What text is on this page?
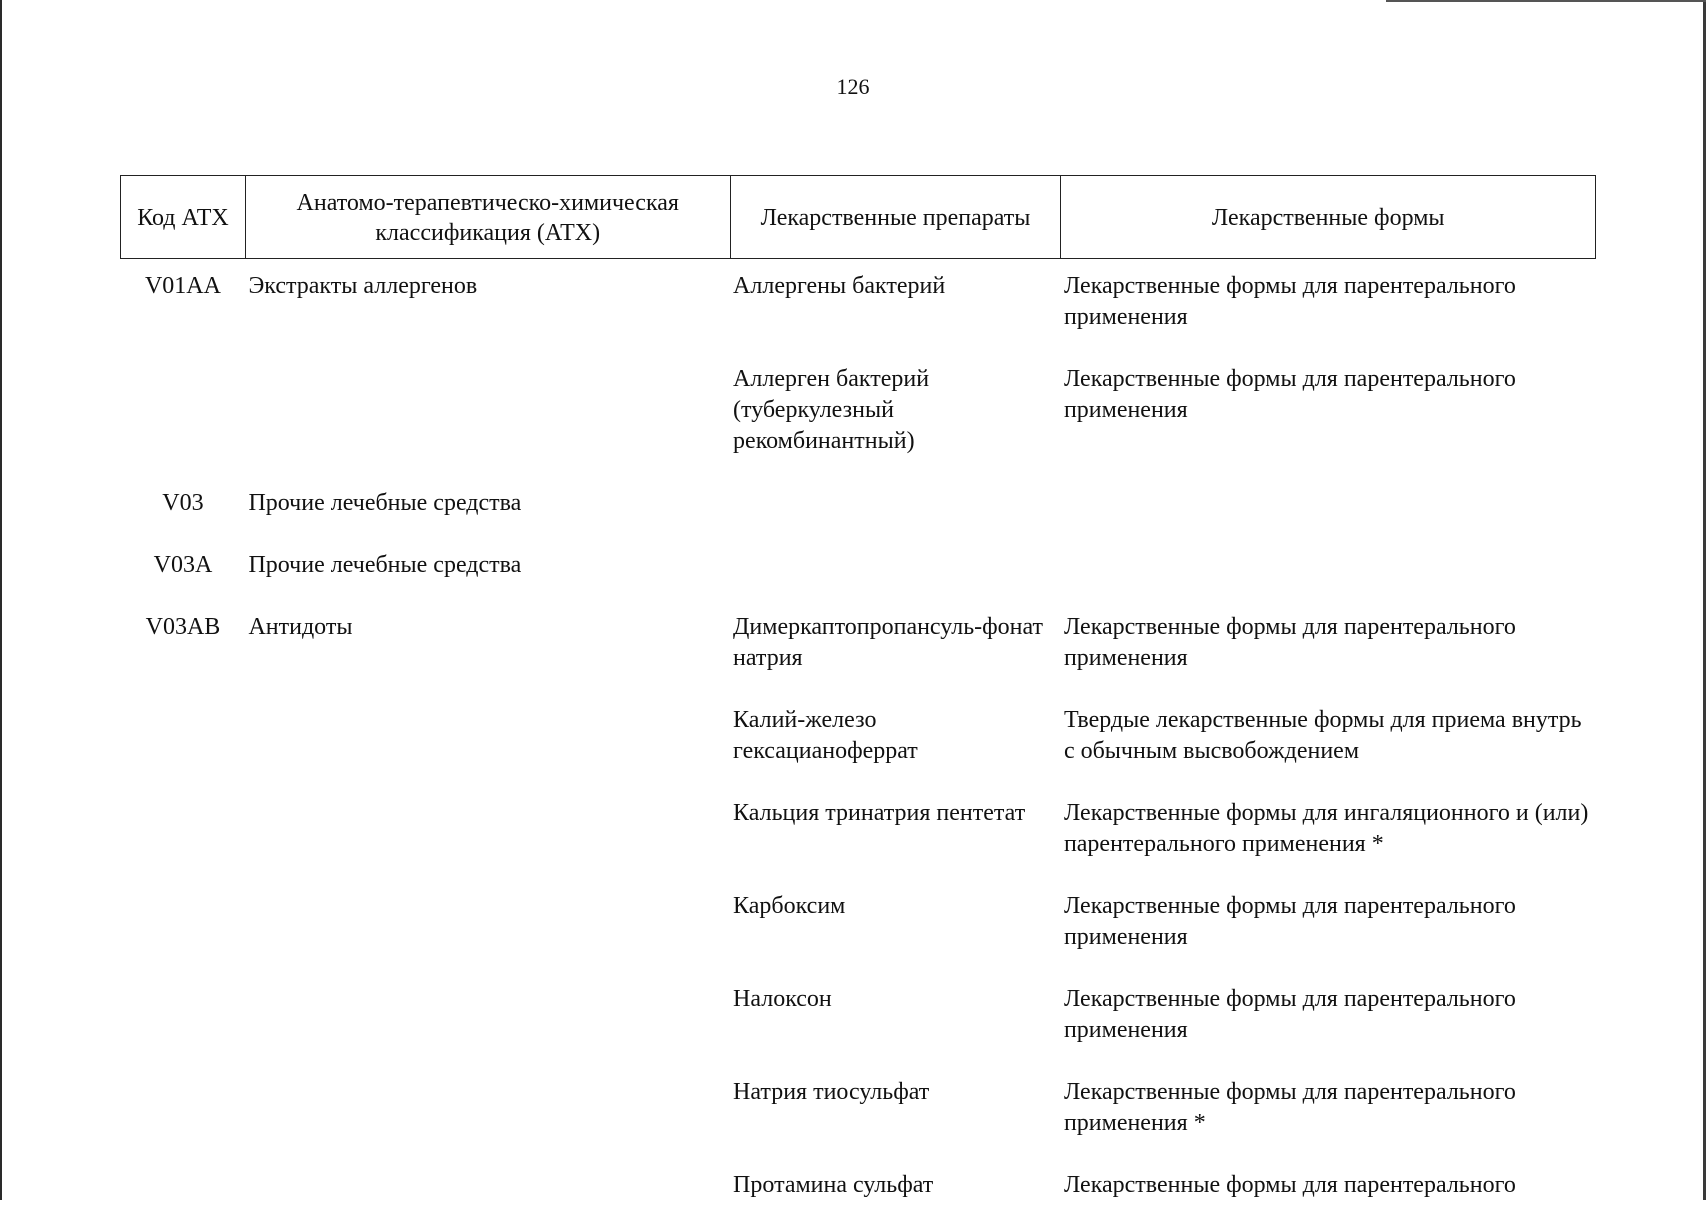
126
Код АТХ	Анатомо-терапевтическо-химическая классификация (АТХ)	Лекарственные препараты	Лекарственные формы
V01AA	Экстракты аллергенов	Аллергены бактерий	Лекарственные формы для парентерального применения
		Аллерген бактерий (туберкулезный рекомбинантный)	Лекарственные формы для парентерального применения
V03	Прочие лечебные средства		
V03A	Прочие лечебные средства		
V03AB	Антидоты	Димеркаптопропансуль-фонат натрия	Лекарственные формы для парентерального применения
		Калий-железо гексацианоферрат	Твердые лекарственные формы для приема внутрь с обычным высвобождением
		Кальция тринатрия пентетат	Лекарственные формы для ингаляционного и (или) парентерального применения *
		Карбоксим	Лекарственные формы для парентерального применения
		Налоксон	Лекарственные формы для парентерального применения
		Натрия тиосульфат	Лекарственные формы для парентерального применения *
		Протамина сульфат	Лекарственные формы для парентерального
